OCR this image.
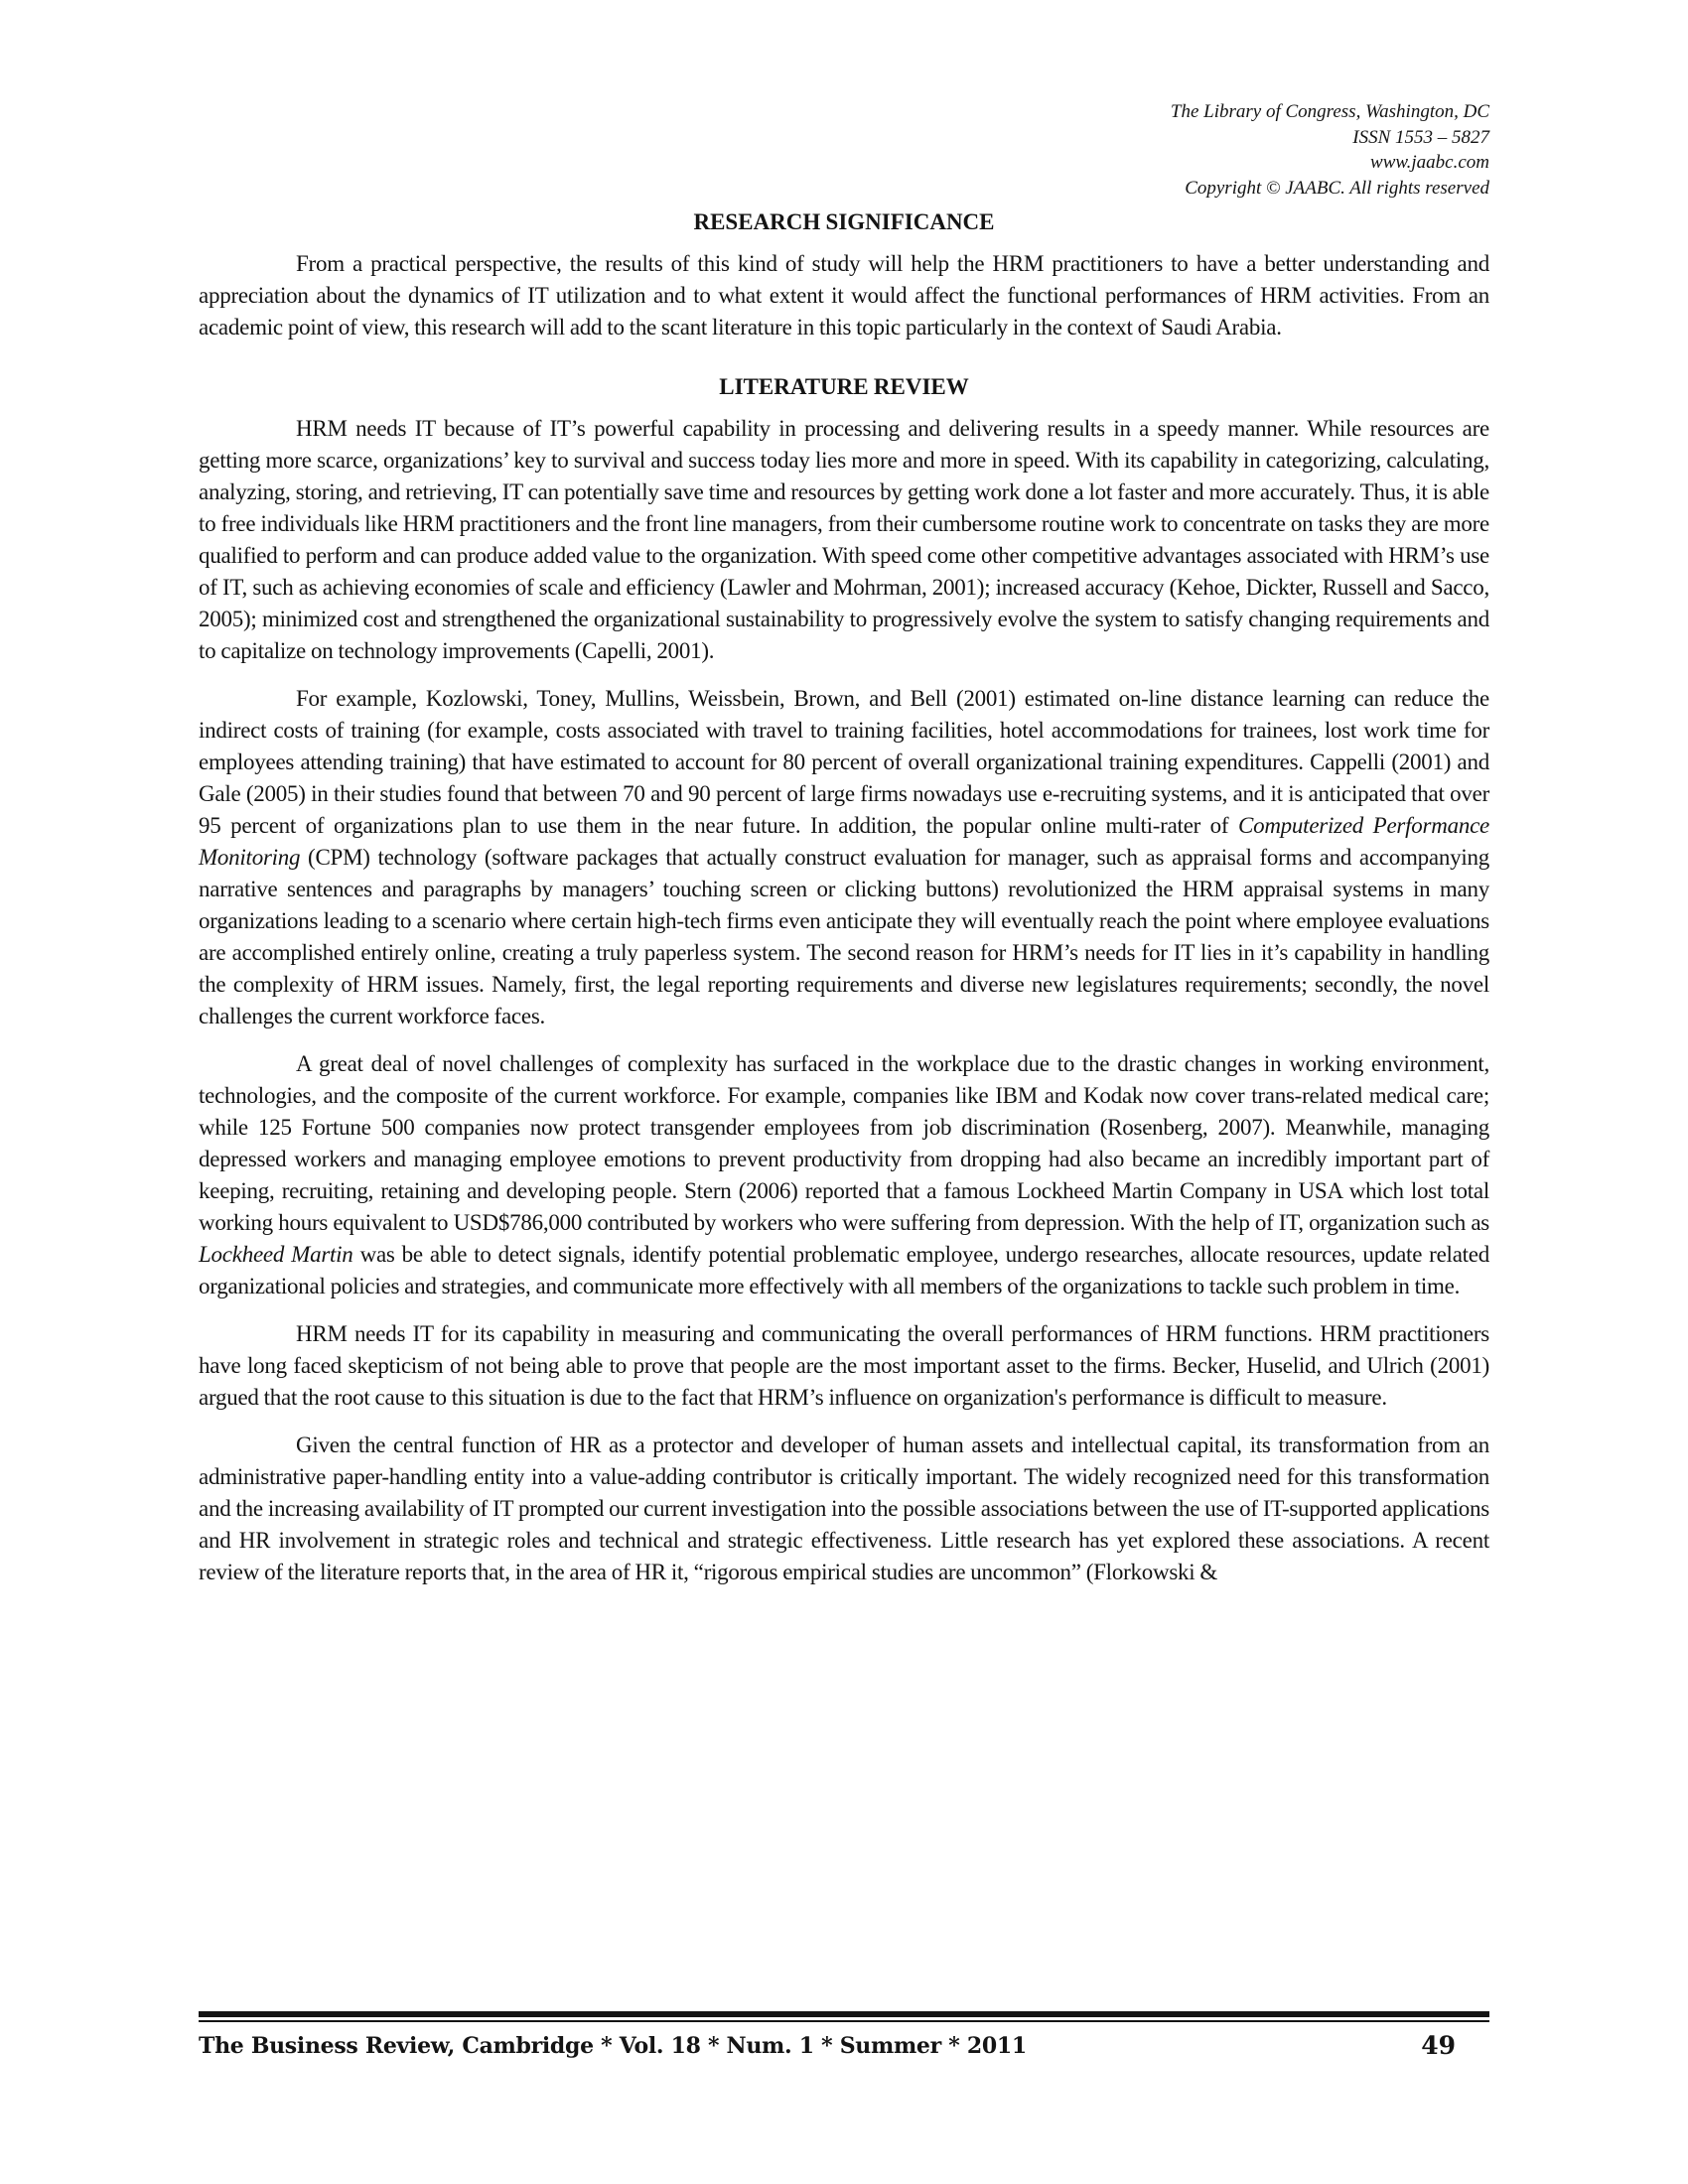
The Library of Congress, Washington, DC
ISSN 1553 – 5827
www.jaabc.com
Copyright © JAABC. All rights reserved
RESEARCH SIGNIFICANCE

From a practical perspective, the results of this kind of study will help the HRM practitioners to have a better understanding and appreciation about the dynamics of IT utilization and to what extent it would affect the functional performances of HRM activities. From an academic point of view, this research will add to the scant literature in this topic particularly in the context of Saudi Arabia.

LITERATURE REVIEW

HRM needs IT because of IT’s powerful capability in processing and delivering results in a speedy manner. While resources are getting more scarce, organizations’ key to survival and success today lies more and more in speed. With its capability in categorizing, calculating, analyzing, storing, and retrieving, IT can potentially save time and resources by getting work done a lot faster and more accurately. Thus, it is able to free individuals like HRM practitioners and the front line managers, from their cumbersome routine work to concentrate on tasks they are more qualified to perform and can produce added value to the organization. With speed come other competitive advantages associated with HRM’s use of IT, such as achieving economies of scale and efficiency (Lawler and Mohrman, 2001); increased accuracy (Kehoe, Dickter, Russell and Sacco, 2005); minimized cost and strengthened the organizational sustainability to progressively evolve the system to satisfy changing requirements and to capitalize on technology improvements (Capelli, 2001).

For example, Kozlowski, Toney, Mullins, Weissbein, Brown, and Bell (2001) estimated on-line distance learning can reduce the indirect costs of training (for example, costs associated with travel to training facilities, hotel accommodations for trainees, lost work time for employees attending training) that have estimated to account for 80 percent of overall organizational training expenditures. Cappelli (2001) and Gale (2005) in their studies found that between 70 and 90 percent of large firms nowadays use e-recruiting systems, and it is anticipated that over 95 percent of organizations plan to use them in the near future. In addition, the popular online multi-rater of Computerized Performance Monitoring (CPM) technology (software packages that actually construct evaluation for manager, such as appraisal forms and accompanying narrative sentences and paragraphs by managers’ touching screen or clicking buttons) revolutionized the HRM appraisal systems in many organizations leading to a scenario where certain high-tech firms even anticipate they will eventually reach the point where employee evaluations are accomplished entirely online, creating a truly paperless system. The second reason for HRM’s needs for IT lies in it’s capability in handling the complexity of HRM issues. Namely, first, the legal reporting requirements and diverse new legislatures requirements; secondly, the novel challenges the current workforce faces.

A great deal of novel challenges of complexity has surfaced in the workplace due to the drastic changes in working environment, technologies, and the composite of the current workforce. For example, companies like IBM and Kodak now cover trans-related medical care; while 125 Fortune 500 companies now protect transgender employees from job discrimination (Rosenberg, 2007). Meanwhile, managing depressed workers and managing employee emotions to prevent productivity from dropping had also became an incredibly important part of keeping, recruiting, retaining and developing people. Stern (2006) reported that a famous Lockheed Martin Company in USA which lost total working hours equivalent to USD$786,000 contributed by workers who were suffering from depression. With the help of IT, organization such as Lockheed Martin was be able to detect signals, identify potential problematic employee, undergo researches, allocate resources, update related organizational policies and strategies, and communicate more effectively with all members of the organizations to tackle such problem in time.

HRM needs IT for its capability in measuring and communicating the overall performances of HRM functions. HRM practitioners have long faced skepticism of not being able to prove that people are the most important asset to the firms. Becker, Huselid, and Ulrich (2001) argued that the root cause to this situation is due to the fact that HRM’s influence on organization's performance is difficult to measure.

Given the central function of HR as a protector and developer of human assets and intellectual capital, its transformation from an administrative paper-handling entity into a value-adding contributor is critically important. The widely recognized need for this transformation and the increasing availability of IT prompted our current investigation into the possible associations between the use of IT-supported applications and HR involvement in strategic roles and technical and strategic effectiveness. Little research has yet explored these associations. A recent review of the literature reports that, in the area of HR it, “rigorous empirical studies are uncommon” (Florkowski &

The Business Review, Cambridge * Vol. 18 * Num. 1 * Summer * 2011	49
